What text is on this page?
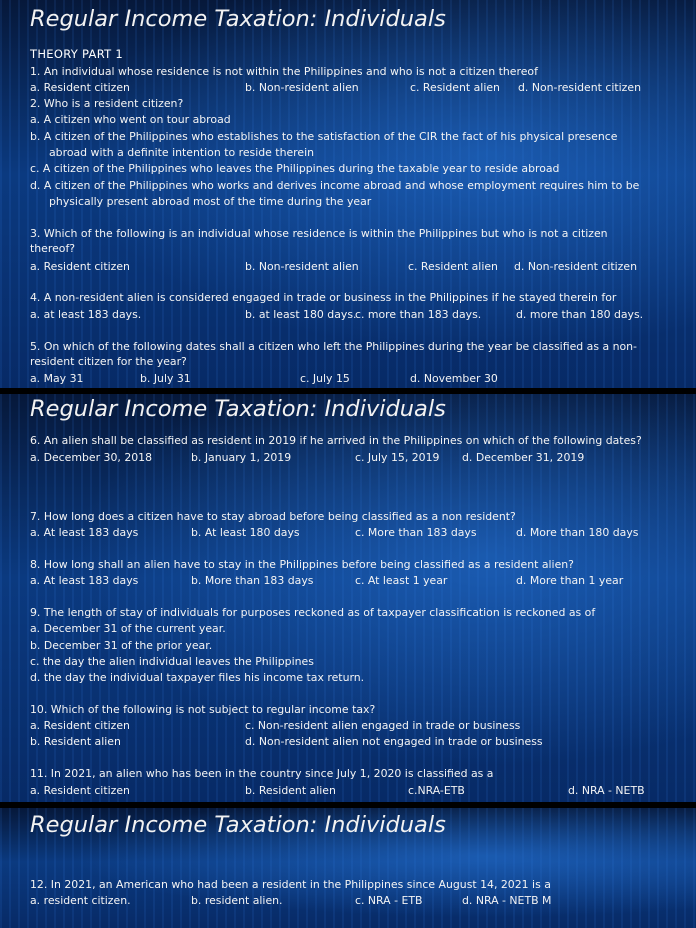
Regular Income Taxation: Individuals
THEORY PART 1
1. An individual whose residence is not within the Philippines and who is not a citizen thereof
a. Resident citizen	b. Non-resident alien	c. Resident alien d. Non-resident citizen
2. Who is a resident citizen?
a. A citizen who went on tour abroad
b. A citizen of the Philippines who establishes to the satisfaction of the CIR the fact of his physical presence
abroad with a definite intention to reside therein
c. A citizen of the Philippines who leaves the Philippines during the taxable year to reside abroad
d. A citizen of the Philippines who works and derives income abroad and whose employment requires him to be
physically present abroad most of the time during the year
3. Which of the following is an individual whose residence is within the Philippines but who is not a citizen
thereof?
a. Resident citizen	b. Non-resident alien	c. Resident alien d. Non-resident citizen
4. A non-resident alien is considered engaged in trade or business in the Philippines if he stayed therein for
a. at least 183 days.	b. at least 180 days.
c. more than 183 days.	d. more than 180 days.
5. On which of the following dates shall a citizen who left the Philippines during the year be classified as a non-
resident citizen for the year?
a. May 31	b. July 31	c. July 15	d. November 30
Regular Income Taxation: Individuals
6. An alien shall be classified as resident in 2019 if he arrived in the Philippines on which of the following dates?
a. December 30, 2018	b. January 1, 2019	c. July 15, 2019 d. December 31, 2019
7. How long does a citizen have to stay abroad before being classified as a non resident?
a. At least 183 days	b. At least 180 days	c. More than 183 days	d. More than 180 days
8. How long shall an alien have to stay in the Philippines before being classified as a resident alien?
a. At least 183 days	b. More than 183 days	c. At least 1 year	d. More than 1 year
9. The length of stay of individuals for purposes reckoned as of taxpayer classification is reckoned as of
a. December 31 of the current year.
b. December 31 of the prior year.
c. the day the alien individual leaves the Philippines
d. the day the individual taxpayer files his income tax return.
10. Which of the following is not subject to regular income tax?
a. Resident citizen	c. Non-resident alien engaged in trade or business
b. Resident alien	d. Non-resident alien not engaged in trade or business
11. In 2021, an alien who has been in the country since July 1, 2020 is classified as a
a. Resident citizen	b. Resident alien	c.NRA-ETB	d. NRA - NETB
Regular Income Taxation: Individuals
12. In 2021, an American who had been a resident in the Philippines since August 14, 2021 is a
a. resident citizen.	b. resident alien.	c. NRA - ETB	d. NRA - NETB M
